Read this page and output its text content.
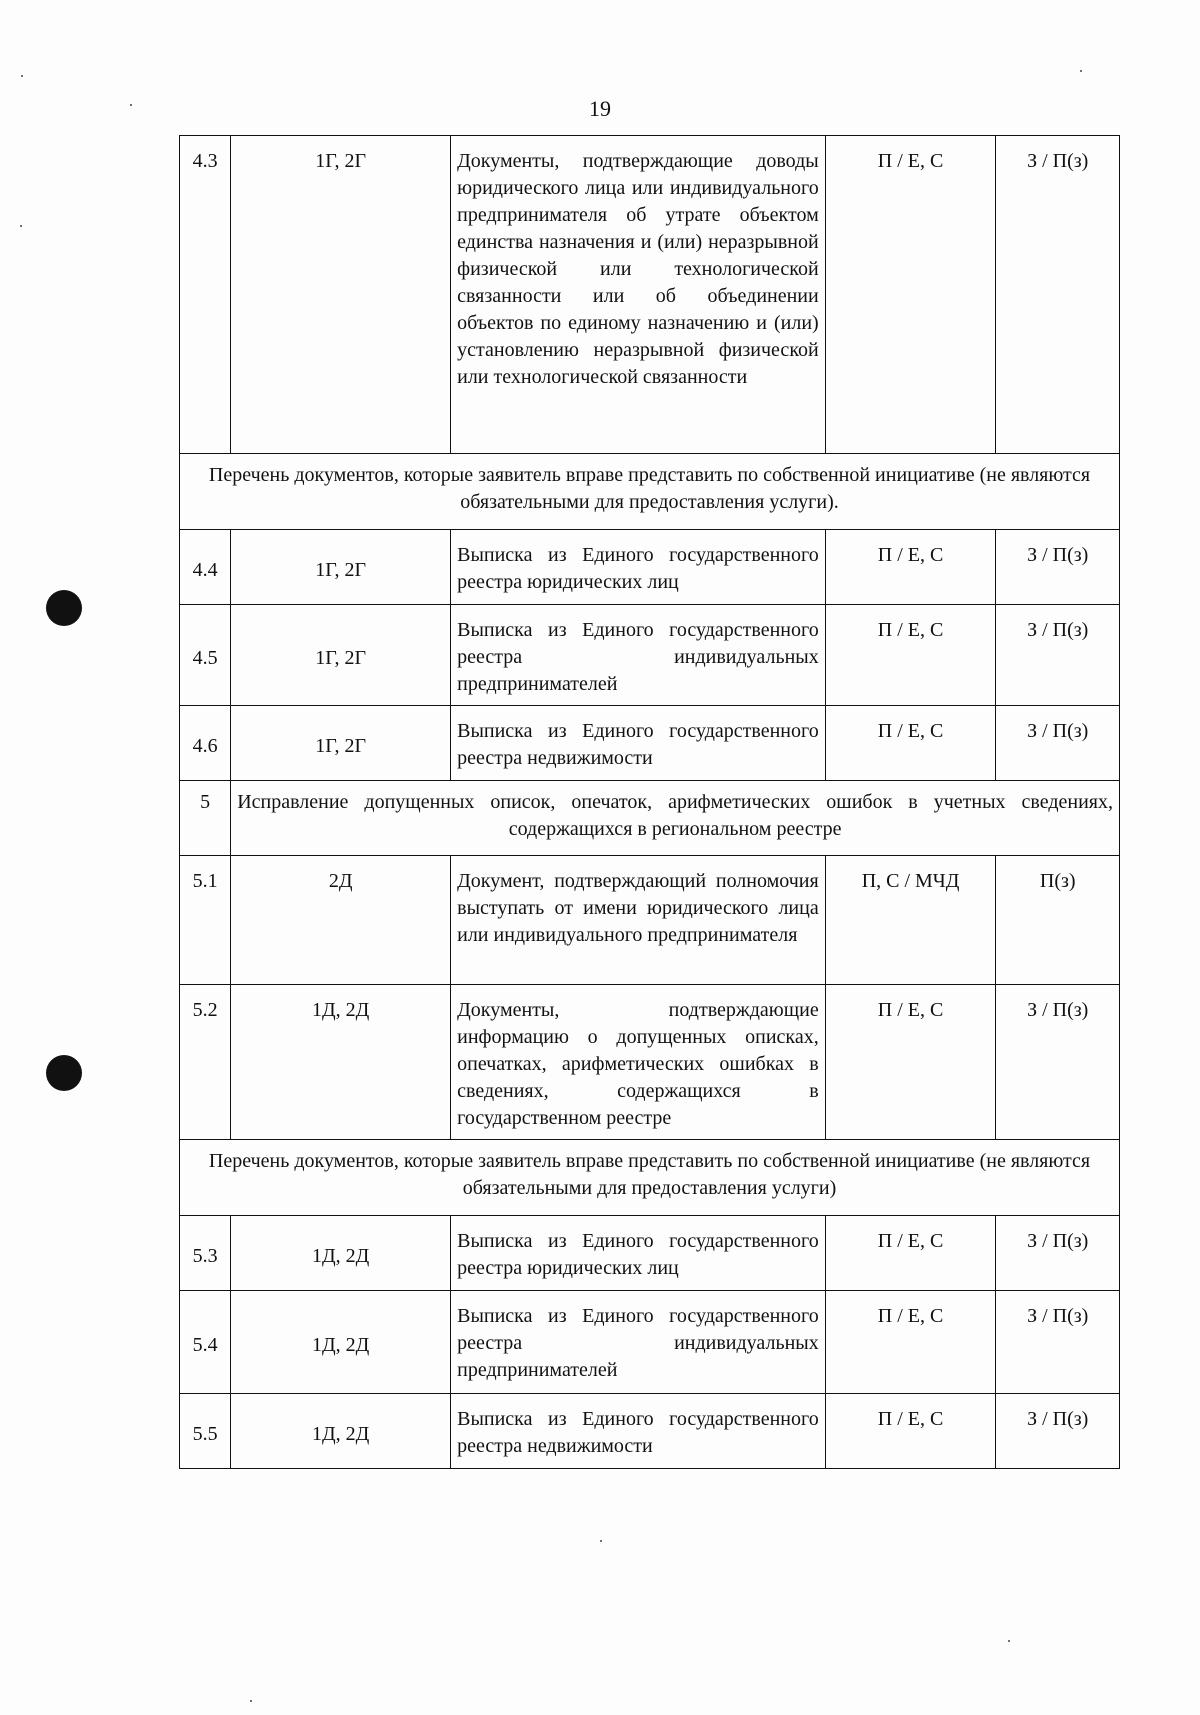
19
4.3	1Г, 2Г	Документы, подтверждающие доводы юридического лица или индивидуального предпринимателя об утрате объектом единства назначения и (или) неразрывной физической или технологической связанности или об объединении объектов по единому назначению и (или) установлению неразрывной физической или технологической связанности	П / Е, С	З / П(з)
Перечень документов, которые заявитель вправе представить по собственной инициативе (не являются обязательными для предоставления услуги).				
4.4	1Г, 2Г	Выписка из Единого государственного реестра юридических лиц	П / Е, С	З / П(з)
4.5	1Г, 2Г	Выписка из Единого государственного реестра индивидуальных предпринимателей	П / Е, С	З / П(з)
4.6	1Г, 2Г	Выписка из Единого государственного реестра недвижимости	П / Е, С	З / П(з)
5	Исправление допущенных описок, опечаток, арифметических ошибок в учетных сведениях, содержащихся в региональном реестре			

5.1	2Д	Документ, подтверждающий полномочия выступать от имени юридического лица или индивидуального предпринимателя	П, С / МЧД	П(з)
5.2	1Д, 2Д	Документы, подтверждающие информацию о допущенных описках, опечатках, арифметических ошибках в сведениях, содержащихся в государственном реестре	П / Е, С	З / П(з)
Перечень документов, которые заявитель вправе представить по собственной инициативе (не являются обязательными для предоставления услуги)				
5.3	1Д, 2Д	Выписка из Единого государственного реестра юридических лиц	П / Е, С	З / П(з)
5.4	1Д, 2Д	Выписка из Единого государственного реестра индивидуальных предпринимателей	П / Е, С	З / П(з)
5.5	1Д, 2Д	Выписка из Единого государственного реестра недвижимости	П / Е, С	З / П(з)
